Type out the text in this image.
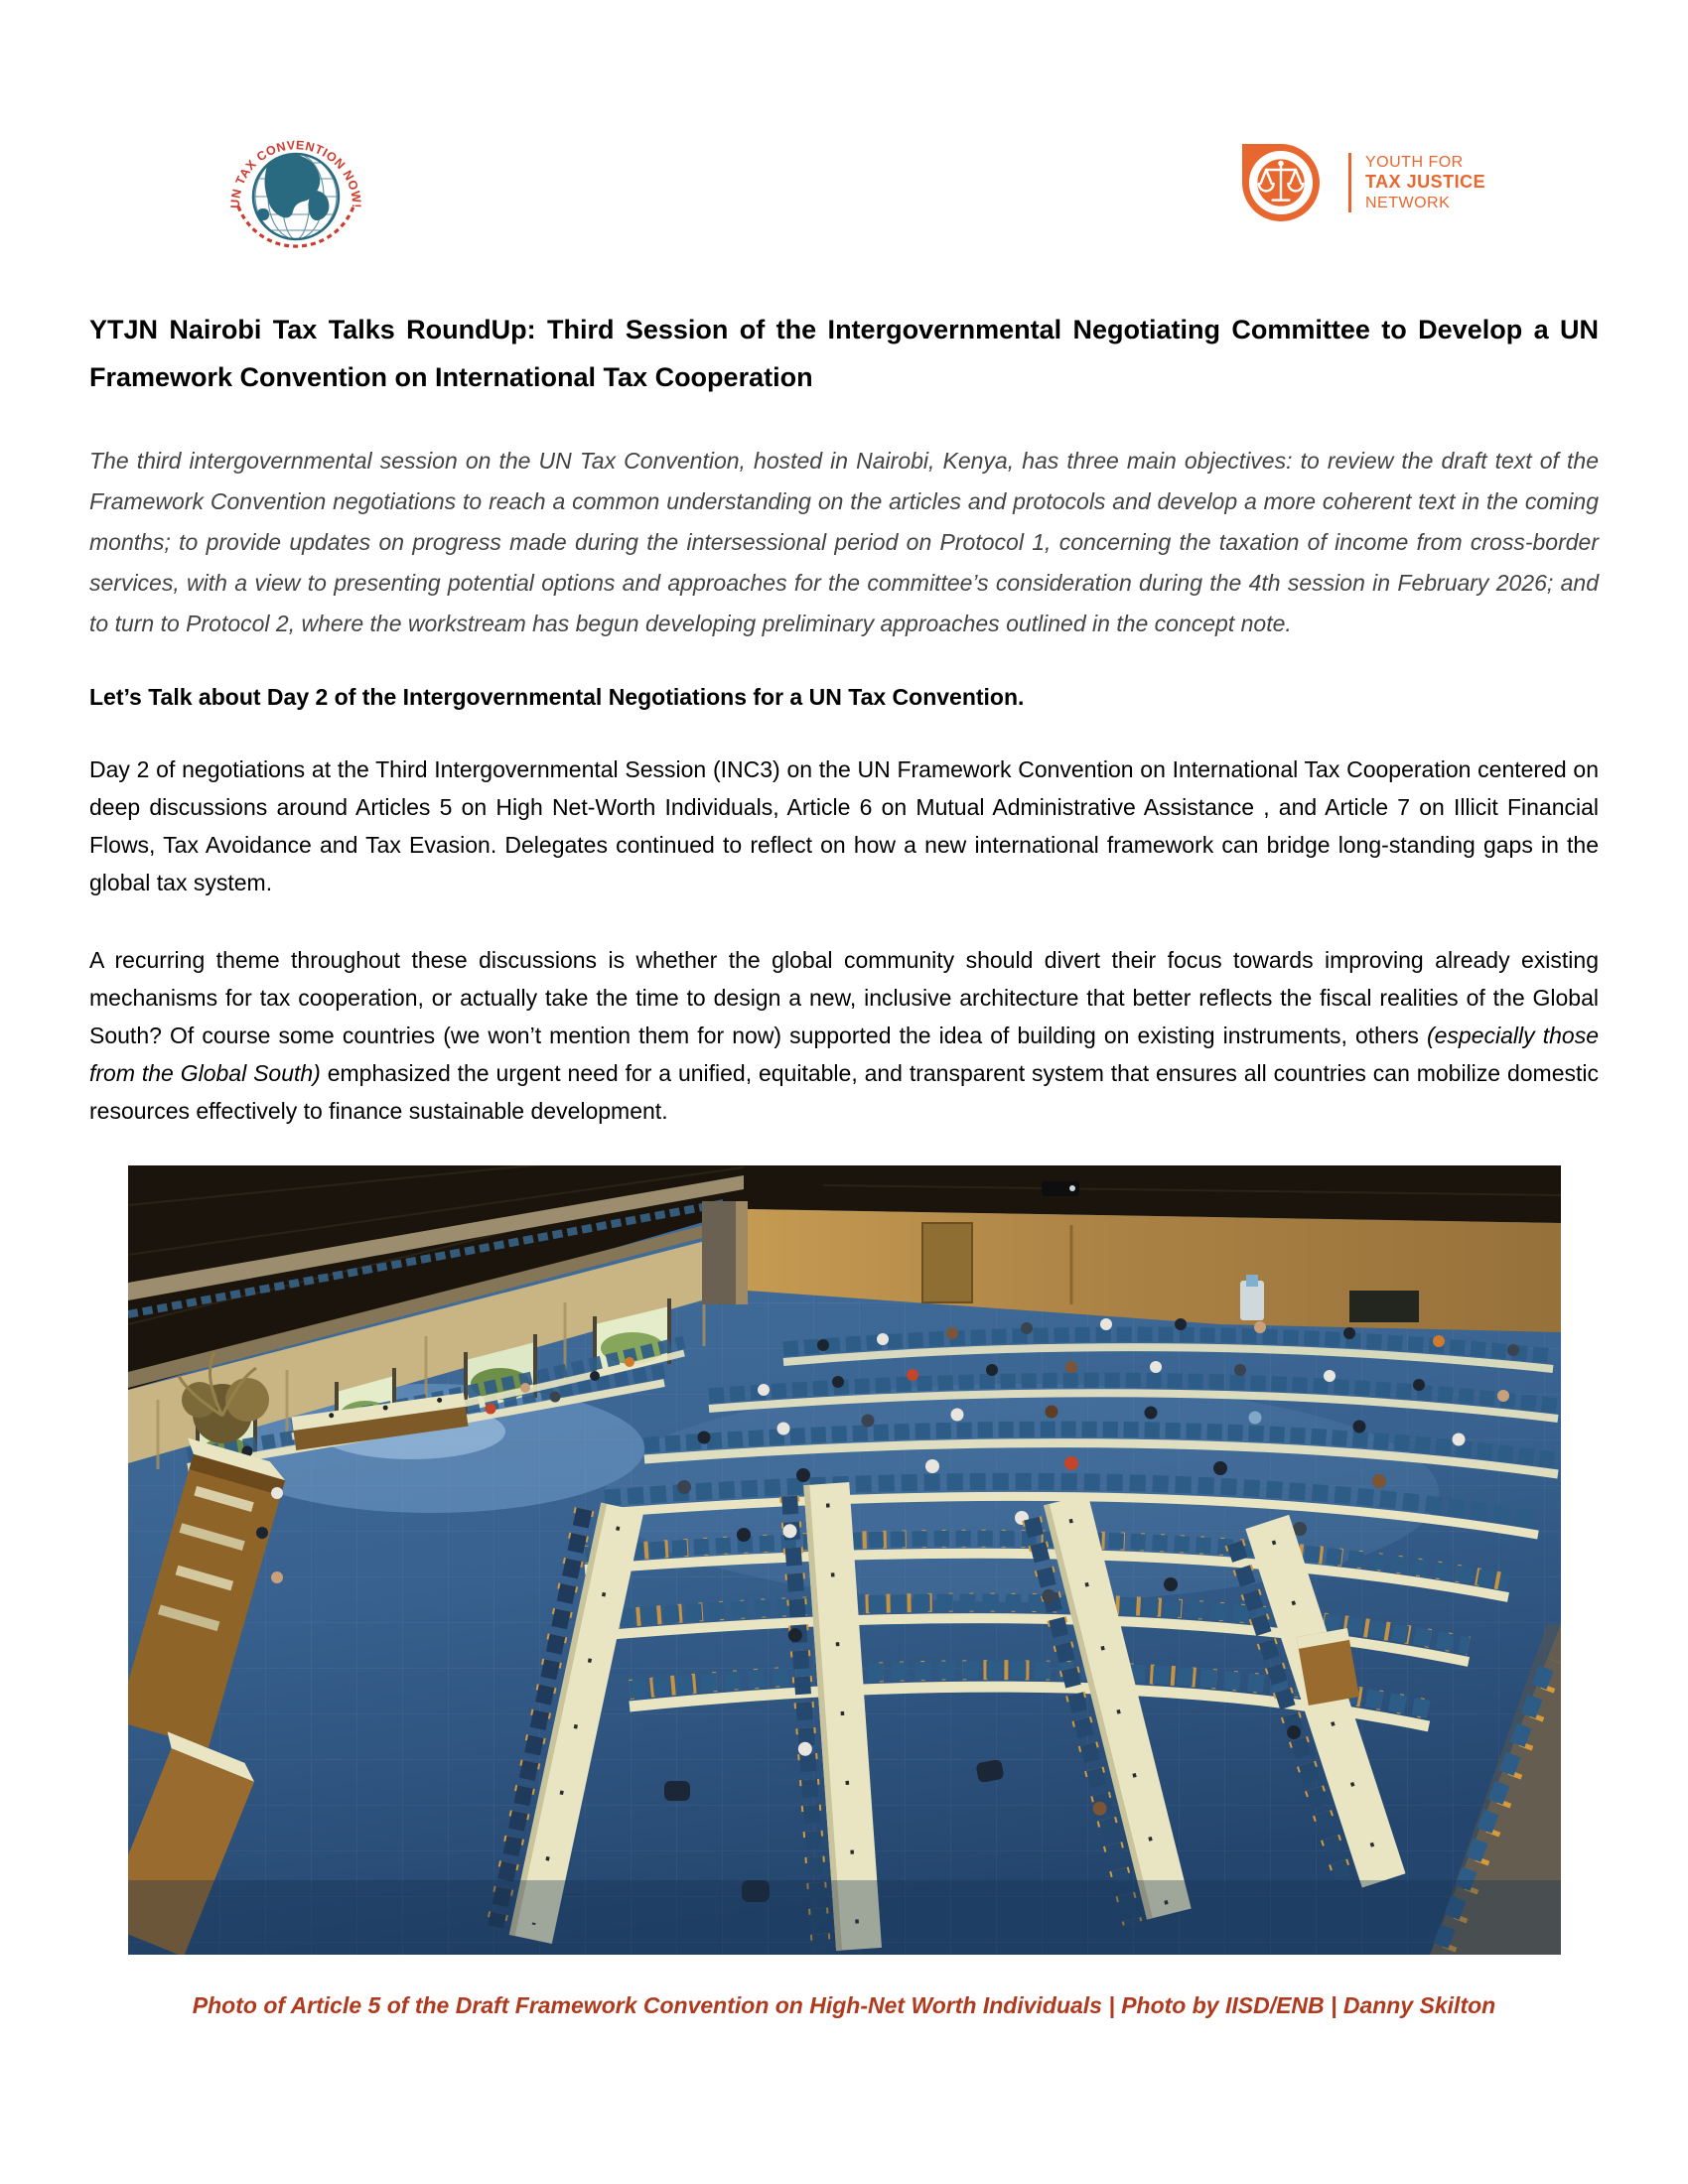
UN TAX CONVENTION NOW!
YOUTH FOR
TAX JUSTICE
NETWORK
YTJN Nairobi Tax Talks RoundUp: Third Session of the Intergovernmental Negotiating Committee to Develop a UN Framework Convention on International Tax Cooperation

The third intergovernmental session on the UN Tax Convention, hosted in Nairobi, Kenya, has three main objectives: to review the draft text of the Framework Convention negotiations to reach a common understanding on the articles and protocols and develop a more coherent text in the coming months; to provide updates on progress made during the intersessional period on Protocol 1, concerning the taxation of income from cross-border services, with a view to presenting potential options and approaches for the committee’s consideration during the 4th session in February 2026; and to turn to Protocol 2, where the workstream has begun developing preliminary approaches outlined in the concept note.

Let’s Talk about Day 2 of the Intergovernmental Negotiations for a UN Tax Convention.

Day 2 of negotiations at the Third Intergovernmental Session (INC3) on the UN Framework Convention on International Tax Cooperation centered on deep discussions around Articles 5 on High Net-Worth Individuals, Article 6 on Mutual Administrative Assistance , and Article 7 on Illicit Financial Flows, Tax Avoidance and Tax Evasion. Delegates continued to reflect on how a new international framework can bridge long-standing gaps in the global tax system.

A recurring theme throughout these discussions is whether the global community should divert their focus towards improving already existing mechanisms for tax cooperation, or actually take the time to design a new, inclusive architecture that better reflects the fiscal realities of the Global South? Of course some countries (we won’t mention them for now) supported the idea of building on existing instruments, others (especially those from the Global South) emphasized the urgent need for a unified, equitable, and transparent system that ensures all countries can mobilize domestic resources effectively to finance sustainable development.

Photo of Article 5 of the Draft Framework Convention on High-Net Worth Individuals | Photo by IISD/ENB | Danny Skilton
